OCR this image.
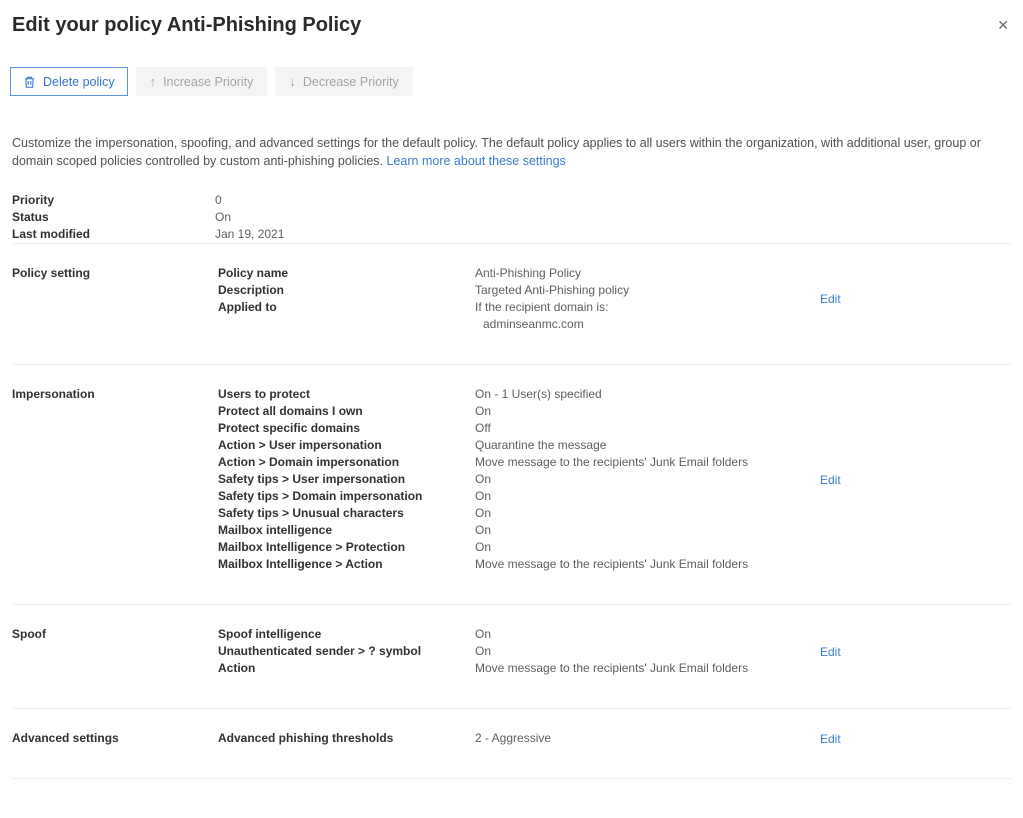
✕
Edit your policy Anti-Phishing Policy
Delete policy	↑ Increase Priority	↓ Decrease Priority

Customize the impersonation, spoofing, and advanced settings for the default policy. The default policy applies to all users within the organization, with additional user, group or domain scoped policies controlled by custom anti-phishing policies. Learn more about these settings

Priority	0
Status	On
Last modified	Jan 19, 2021
Policy setting	Policy name	Anti-Phishing Policy
Description	Targeted Anti-Phishing policy
Applied to	If the recipient domain is:
adminseanmc.com
Edit
Impersonation	Users to protect	On - 1 User(s) specified
Protect all domains I own	On
Protect specific domains	Off
Action > User impersonation	Quarantine the message
Action > Domain impersonation	Move message to the recipients' Junk Email folders
Safety tips > User impersonation	On
Safety tips > Domain impersonation	On
Safety tips > Unusual characters	On
Mailbox intelligence	On
Mailbox Intelligence > Protection	On
Mailbox Intelligence > Action	Move message to the recipients' Junk Email folders
Edit
Spoof	Spoof intelligence	On
Unauthenticated sender > ? symbol	On
Action	Move message to the recipients' Junk Email folders
Edit
Advanced settings	Advanced phishing thresholds	2 - Aggressive	Edit
